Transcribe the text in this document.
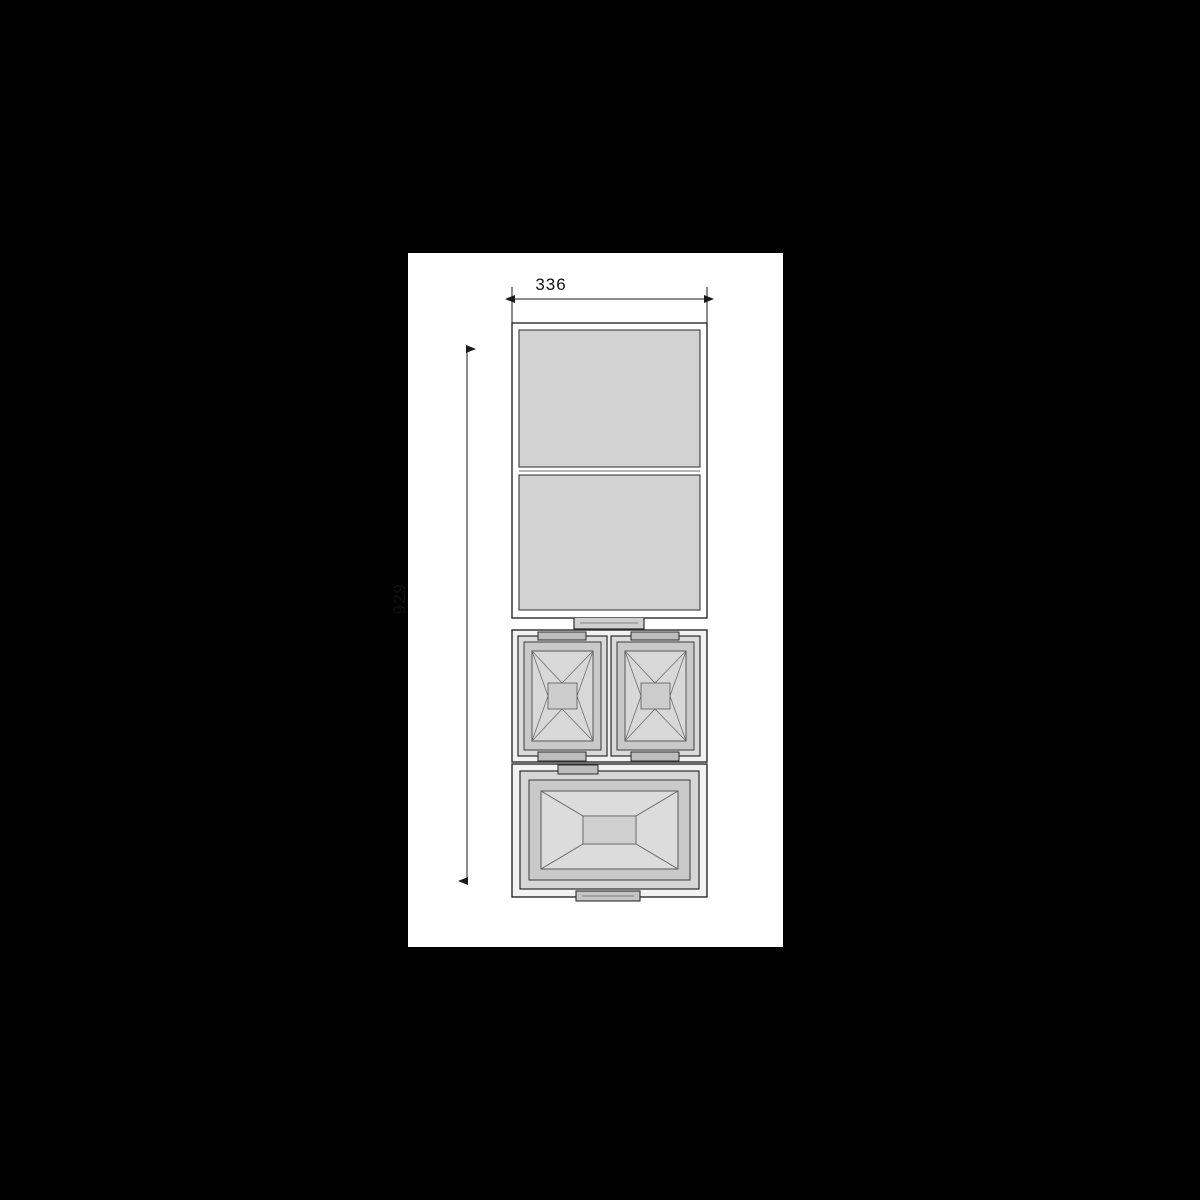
336
929
